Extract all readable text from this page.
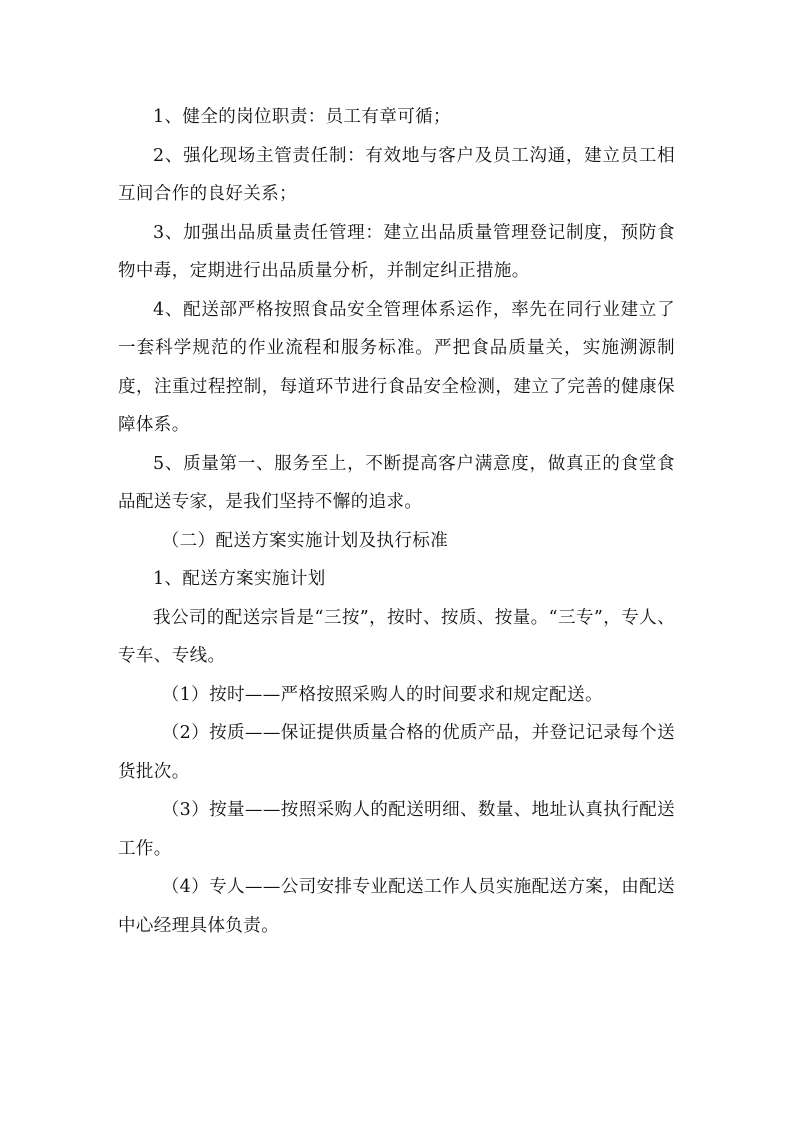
1、健全的岗位职责：员工有章可循；

2、强化现场主管责任制：有效地与客户及员工沟通，建立员工相互间合作的良好关系；

3、加强出品质量责任管理：建立出品质量管理登记制度，预防食物中毒，定期进行出品质量分析，并制定纠正措施。

4、配送部严格按照食品安全管理体系运作，率先在同行业建立了一套科学规范的作业流程和服务标准。严把食品质量关，实施溯源制度，注重过程控制，每道环节进行食品安全检测，建立了完善的健康保障体系。

5、质量第一、服务至上，不断提高客户满意度，做真正的食堂食品配送专家，是我们坚持不懈的追求。

（二）配送方案实施计划及执行标准

1、配送方案实施计划

我公司的配送宗旨是“三按”，按时、按质、按量。“三专”，专人、专车、专线。

（1）按时——严格按照采购人的时间要求和规定配送。

（2）按质——保证提供质量合格的优质产品，并登记记录每个送货批次。

（3）按量——按照采购人的配送明细、数量、地址认真执行配送工作。

（4）专人——公司安排专业配送工作人员实施配送方案，由配送中心经理具体负责。
